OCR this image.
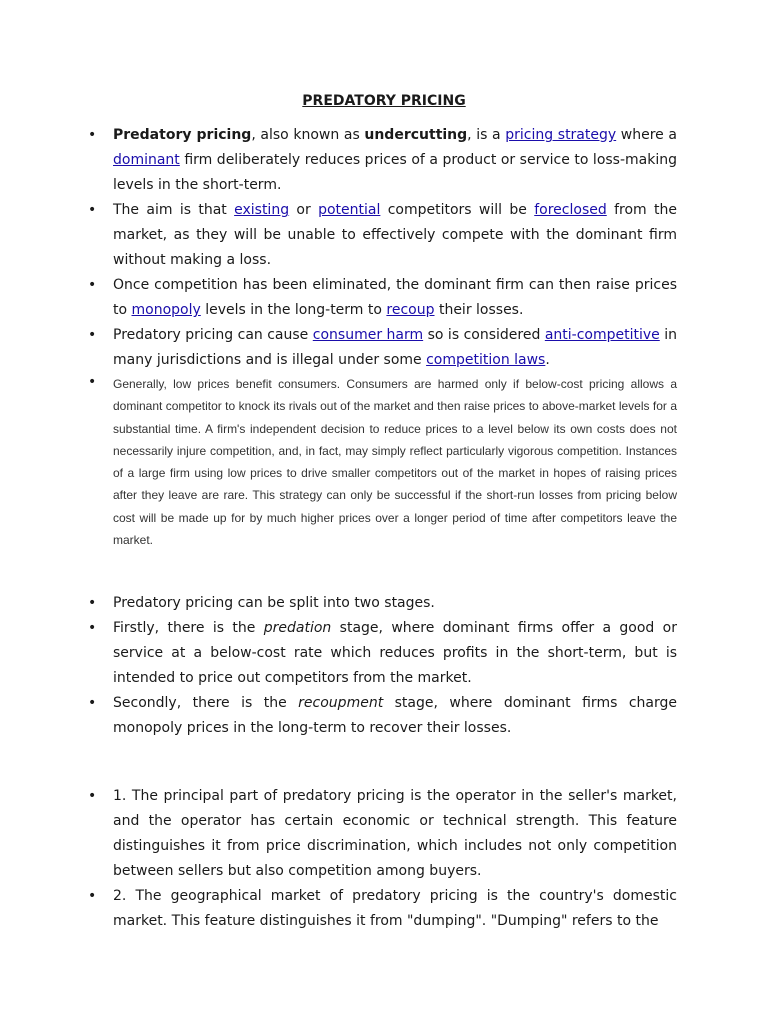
PREDATORY PRICING
• Predatory pricing, also known as undercutting, is a pricing strategy where a dominant firm deliberately reduces prices of a product or service to loss-making levels in the short-term.
• The aim is that existing or potential competitors will be foreclosed from the market, as they will be unable to effectively compete with the dominant firm without making a loss.
• Once competition has been eliminated, the dominant firm can then raise prices to monopoly levels in the long-term to recoup their losses.
• Predatory pricing can cause consumer harm so is considered anti-competitive in many jurisdictions and is illegal under some competition laws.
• Generally, low prices benefit consumers. Consumers are harmed only if below-cost pricing allows a dominant competitor to knock its rivals out of the market and then raise prices to above-market levels for a substantial time. A firm's independent decision to reduce prices to a level below its own costs does not necessarily injure competition, and, in fact, may simply reflect particularly vigorous competition. Instances of a large firm using low prices to drive smaller competitors out of the market in hopes of raising prices after they leave are rare. This strategy can only be successful if the short-run losses from pricing below cost will be made up for by much higher prices over a longer period of time after competitors leave the market.
• Predatory pricing can be split into two stages.
• Firstly, there is the predation stage, where dominant firms offer a good or service at a below-cost rate which reduces profits in the short-term, but is intended to price out competitors from the market.
• Secondly, there is the recoupment stage, where dominant firms charge monopoly prices in the long-term to recover their losses.
• 1. The principal part of predatory pricing is the operator in the seller's market, and the operator has certain economic or technical strength. This feature distinguishes it from price discrimination, which includes not only competition between sellers but also competition among buyers.
• 2. The geographical market of predatory pricing is the country's domestic market. This feature distinguishes it from "dumping". "Dumping" refers to the
